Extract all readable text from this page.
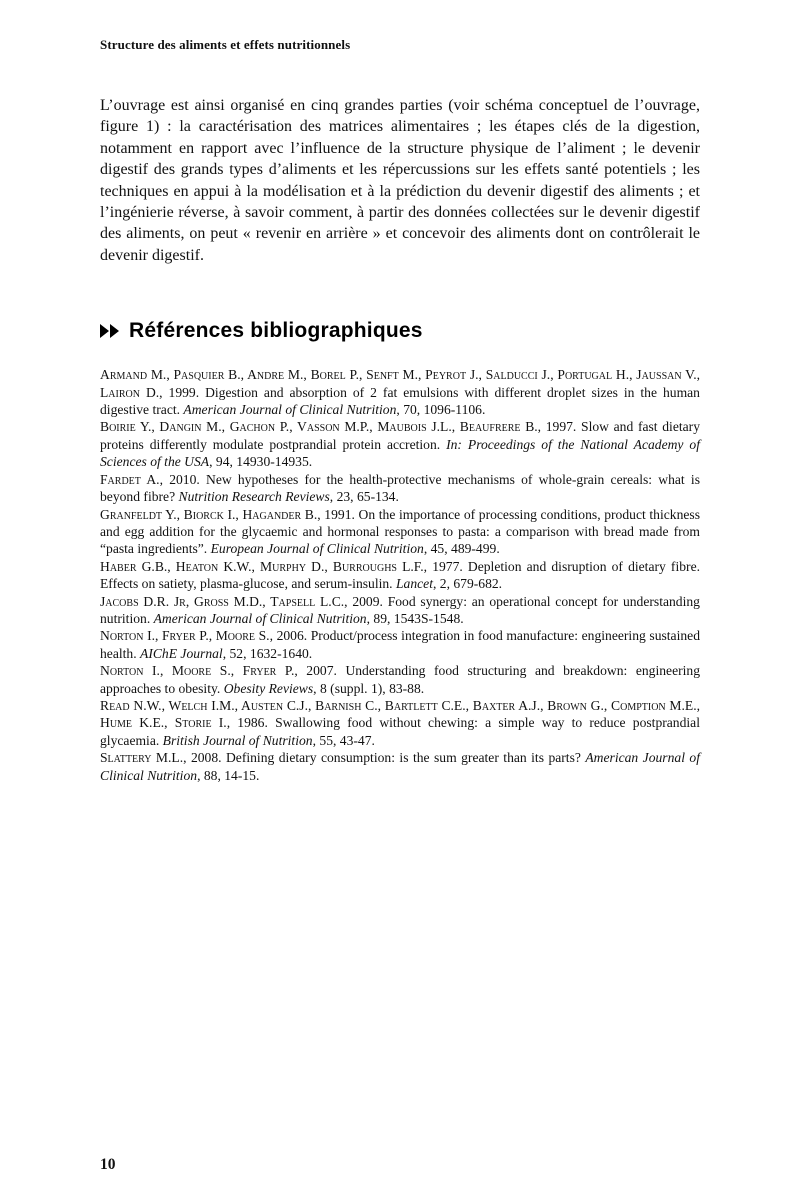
Structure des aliments et effets nutritionnels

L’ouvrage est ainsi organisé en cinq grandes parties (voir schéma conceptuel de l’ouvrage, figure 1) : la caractérisation des matrices alimentaires ; les étapes clés de la digestion, notamment en rapport avec l’influence de la structure physique de l’aliment ; le devenir digestif des grands types d’aliments et les répercussions sur les effets santé potentiels ; les techniques en appui à la modélisation et à la prédiction du devenir digestif des aliments ; et l’ingénierie réverse, à savoir comment, à partir des données collectées sur le devenir digestif des aliments, on peut « revenir en arrière » et concevoir des aliments dont on contrôlerait le devenir digestif.

Références bibliographiques

Armand M., Pasquier B., Andre M., Borel P., Senft M., Peyrot J., Salducci J., Portugal H., Jaussan V., Lairon D., 1999. Digestion and absorption of 2 fat emulsions with different droplet sizes in the human digestive tract. American Journal of Clinical Nutrition, 70, 1096-1106.

Boirie Y., Dangin M., Gachon P., Vasson M.P., Maubois J.L., Beaufrere B., 1997. Slow and fast dietary proteins differently modulate postprandial protein accretion. In: Proceedings of the National Academy of Sciences of the USA, 94, 14930-14935.

Fardet A., 2010. New hypotheses for the health-protective mechanisms of whole-grain cereals: what is beyond fibre? Nutrition Research Reviews, 23, 65-134.

Granfeldt Y., Biorck I., Hagander B., 1991. On the importance of processing conditions, product thickness and egg addition for the glycaemic and hormonal responses to pasta: a comparison with bread made from “pasta ingredients”. European Journal of Clinical Nutrition, 45, 489-499.

Haber G.B., Heaton K.W., Murphy D., Burroughs L.F., 1977. Depletion and disruption of dietary fibre. Effects on satiety, plasma-glucose, and serum-insulin. Lancet, 2, 679-682.

Jacobs D.R. Jr, Gross M.D., Tapsell L.C., 2009. Food synergy: an operational concept for understanding nutrition. American Journal of Clinical Nutrition, 89, 1543S-1548.

Norton I., Fryer P., Moore S., 2006. Product/process integration in food manufacture: engineering sustained health. AIChE Journal, 52, 1632-1640.

Norton I., Moore S., Fryer P., 2007. Understanding food structuring and breakdown: engineering approaches to obesity. Obesity Reviews, 8 (suppl. 1), 83-88.

Read N.W., Welch I.M., Austen C.J., Barnish C., Bartlett C.E., Baxter A.J., Brown G., Comption M.E., Hume K.E., Storie I., 1986. Swallowing food without chewing: a simple way to reduce postprandial glycaemia. British Journal of Nutrition, 55, 43-47.

Slattery M.L., 2008. Defining dietary consumption: is the sum greater than its parts? American Journal of Clinical Nutrition, 88, 14-15.

10
